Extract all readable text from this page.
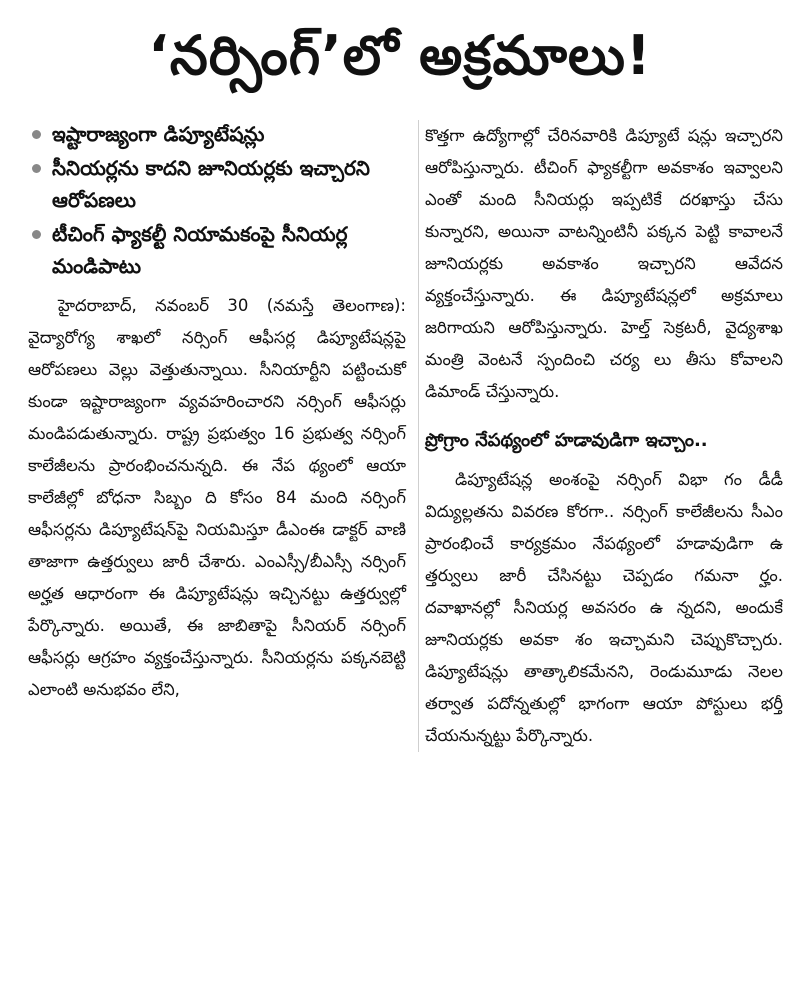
‘నర్సింగ్’లో అక్రమాలు!
ఇష్టారాజ్యంగా డిప్యూటేషన్లు
సీనియర్లను కాదని జూనియర్లకు ఇచ్చారని ఆరోపణలు
టీచింగ్ ఫ్యాకల్టీ నియామకంపై సీనియర్ల మండిపాటు

హైదరాబాద్, నవంబర్ 30 (నమస్తే తెలంగాణ): వైద్యారోగ్య శాఖలో నర్సింగ్ ఆఫీసర్ల డిప్యూటేషన్లపై ఆరోపణలు వెల్లు వెత్తుతున్నాయి. సీనియార్టీని పట్టించుకో కుండా ఇష్టారాజ్యంగా వ్యవహరించారని నర్సింగ్ ఆఫీసర్లు మండిపడుతున్నారు. రాష్ట్ర ప్రభుత్వం 16 ప్రభుత్వ నర్సింగ్ కాలేజీలను ప్రారంభించనున్నది. ఈ నేప థ్యంలో ఆయా కాలేజీల్లో బోధనా సిబ్బం ది కోసం 84 మంది నర్సింగ్ ఆఫీసర్లను డిప్యూటేషన్‌పై నియమిస్తూ డీఎంఈ డాక్టర్ వాణి తాజాగా ఉత్తర్వులు జారీ చేశారు. ఎంఎస్సీ/బీఎస్సీ నర్సింగ్ అర్హత ఆధారంగా ఈ డిప్యూటేషన్లు ఇచ్చినట్టు ఉత్తర్వుల్లో పేర్కొన్నారు. అయితే, ఈ జాబితాపై సీనియర్ నర్సింగ్ ఆఫీసర్లు ఆగ్రహం వ్యక్తంచేస్తున్నారు. సీనియర్లను పక్కనబెట్టి ఎలాంటి అనుభవం లేని,

కొత్తగా ఉద్యోగాల్లో చేరినవారికి డిప్యూటే షన్లు ఇచ్చారని ఆరోపిస్తున్నారు. టీచింగ్ ఫ్యాకల్టీగా అవకాశం ఇవ్వాలని ఎంతో మంది సీనియర్లు ఇప్పటికే దరఖాస్తు చేసు కున్నారని, అయినా వాటన్నింటినీ పక్కన పెట్టి కావాలనే జూనియర్లకు అవకాశం ఇచ్చారని ఆవేదన వ్యక్తంచేస్తున్నారు. ఈ డిప్యూటేషన్లలో అక్రమాలు జరిగాయని ఆరోపిస్తున్నారు. హెల్త్ సెక్రటరీ, వైద్యశాఖ మంత్రి వెంటనే స్పందించి చర్య లు తీసు కోవాలని డిమాండ్ చేస్తున్నారు.

ప్రోగ్రాం నేపథ్యంలో హడావుడిగా ఇచ్చాం..

డిప్యూటేషన్ల అంశంపై నర్సింగ్ విభా గం డీడీ విద్యుల్లతను వివరణ కోరగా.. నర్సింగ్ కాలేజీలను సీఎం ప్రారంభించే కార్యక్రమం నేపథ్యంలో హడావుడిగా ఉ త్తర్వులు జారీ చేసినట్టు చెప్పడం గమనా ర్హం. దవాఖానల్లో సీనియర్ల అవసరం ఉ న్నదని, అందుకే జూనియర్లకు అవకా శం ఇచ్చామని చెప్పుకొచ్చారు. డిప్యూటేషన్లు తాత్కాలికమేనని, రెండుమూడు నెలల తర్వాత పదోన్నతుల్లో భాగంగా ఆయా పోస్టులు భర్తీ చేయనున్నట్టు పేర్కొన్నారు.
